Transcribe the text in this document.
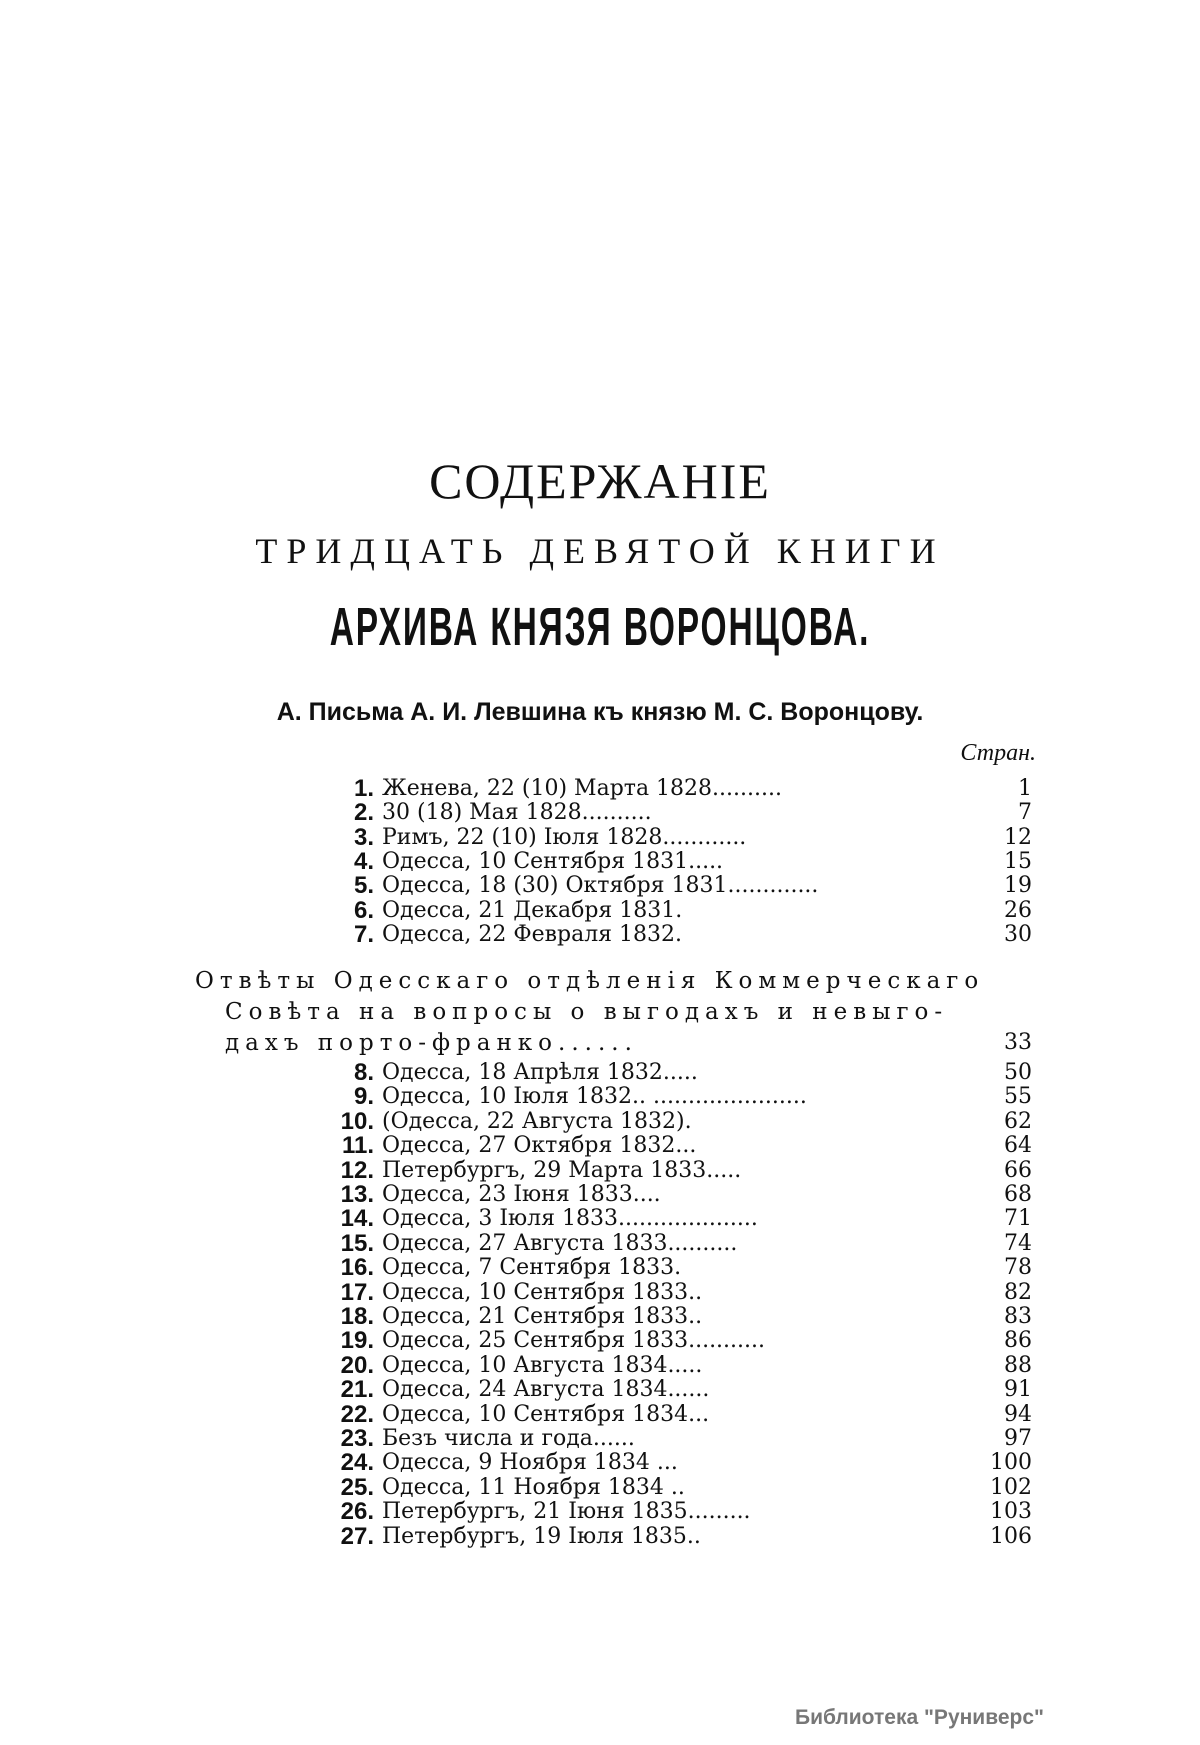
СОДЕРЖАНІЕ
ТРИДЦАТЬ ДЕВЯТОЙ КНИГИ
АРХИВА КНЯЗЯ ВОРОНЦОВА.
А. Письма А. И. Левшина къ князю М. С. Воронцову.
Стран.
1. Женева, 22 (10) Марта 1828..........	1
2. 30 (18) Мая 1828..........	7
3. Римъ, 22 (10) Іюля 1828............	12
4. Одесса, 10 Сентября 1831.....	15
5. Одесса, 18 (30) Октября 1831.............	19
6. Одесса, 21 Декабря 1831.	26
7. Одесса, 22 Февраля 1832.	30
Отвѣты Одесскаго отдѣленія Коммерческаго
Совѣта на вопросы о выгодахъ и невыго-
дахъ порто-франко......	33
8. Одесса, 18 Апрѣля 1832.....	50
9. Одесса, 10 Іюля 1832.. ......................	55
10. (Одесса, 22 Августа 1832).	62
11. Одесса, 27 Октября 1832...	64
12. Петербургъ, 29 Марта 1833.....	66
13. Одесса, 23 Іюня 1833....	68
14. Одесса, 3 Іюля 1833....................	71
15. Одесса, 27 Августа 1833..........	74
16. Одесса, 7 Сентября 1833.	78
17. Одесса, 10 Сентября 1833..	82
18. Одесса, 21 Сентября 1833..	83
19. Одесса, 25 Сентября 1833...........	86
20. Одесса, 10 Августа 1834.....	88
21. Одесса, 24 Августа 1834......	91
22. Одесса, 10 Сентября 1834...	94
23. Безъ числа и года......	97
24. Одесса, 9 Ноября 1834 ...	100
25. Одесса, 11 Ноября 1834 ..	102
26. Петербургъ, 21 Іюня 1835.........	103
27. Петербургъ, 19 Іюля 1835..	106
Библиотека "Руниверс"
